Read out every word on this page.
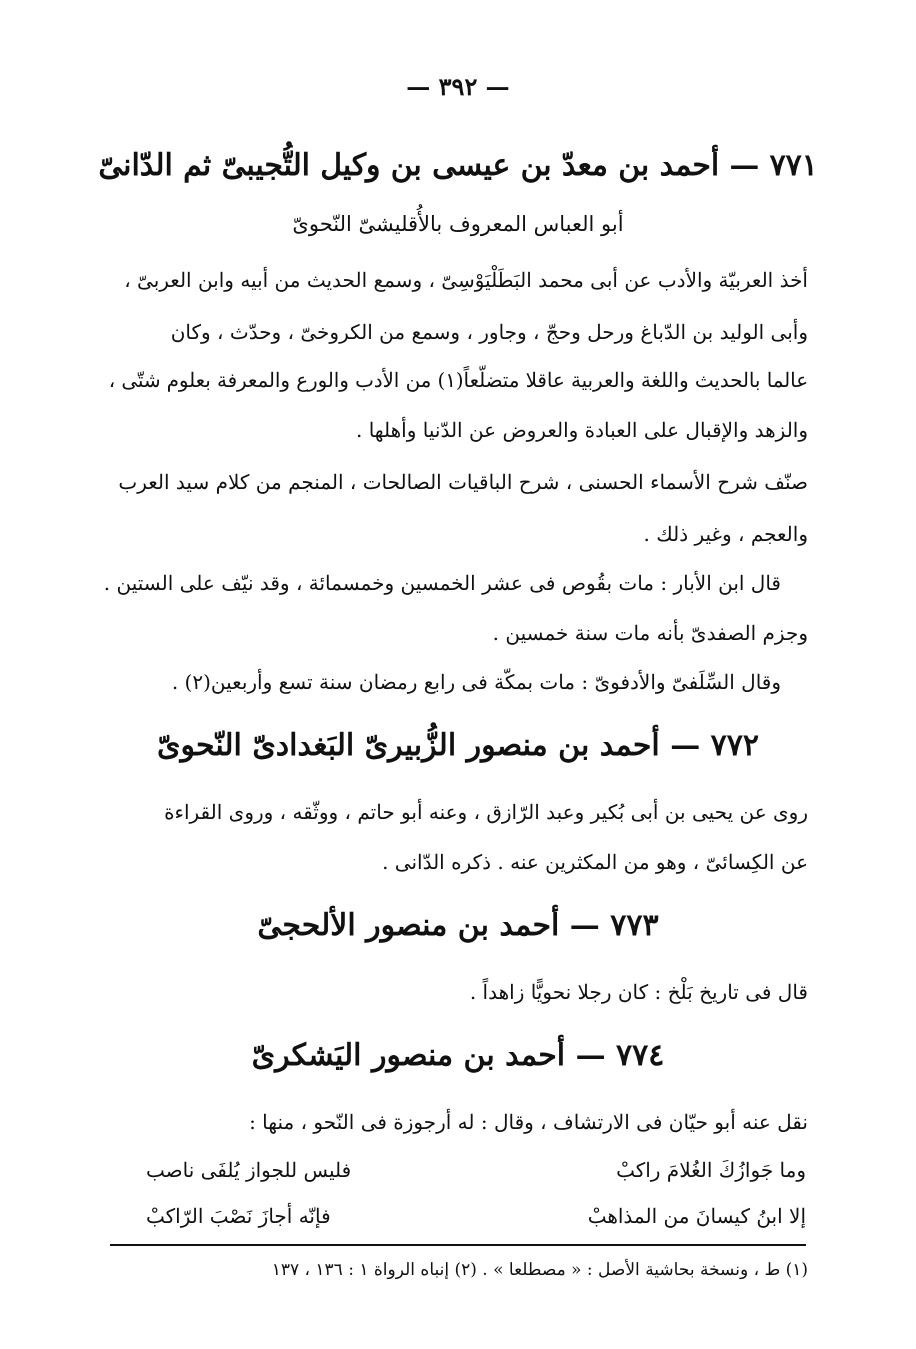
— ٣٩٢ —
٧٧١ — أحمد بن معدّ بن عيسى بن وكيل التُّجيبىّ ثم الدّانىّ
أبو العباس المعروف بالأُقليشىّ النّحوىّ
أخذ العربيّة والأدب عن أبى محمد البَطَلْيَوْسِىّ ، وسمع الحديث من أبيه وابن العربىّ ،
وأبى الوليد بن الدّباغ ورحل وحجّ ، وجاور ، وسمع من الكروخىّ ، وحدّث ، وكان
عالما بالحديث واللغة والعربية عاقلا متضلّعاً(١) من الأدب والورع والمعرفة بعلوم شتّى ،
والزهد والإقبال على العبادة والعروض عن الدّنيا وأهلها .
صنّف شرح الأسماء الحسنى ، شرح الباقيات الصالحات ، المنجم من كلام سيد العرب
والعجم ، وغير ذلك .
قال ابن الأبار : مات بقُوص فى عشر الخمسين وخمسمائة ، وقد نيّف على الستين .
وجزم الصفدىّ بأنه مات سنة خمسين .
وقال السِّلَفىّ والأدفوىّ : مات بمكّة فى رابع رمضان سنة تسع وأربعين(٢) .
٧٧٢ — أحمد بن منصور الزُّبيرىّ البَغدادىّ النّحوىّ
روى عن يحيى بن أبى بُكير وعبد الرّازق ، وعنه أبو حاتم ، ووثّقه ، وروى القراءة
عن الكِسائىّ ، وهو من المكثرين عنه . ذكره الدّانى .
٧٧٣ — أحمد بن منصور الألحجىّ
قال فى تاريخ بَلْخ : كان رجلا نحويًّا زاهداً .
٧٧٤ — أحمد بن منصور اليَشكرىّ
نقل عنه أبو حيّان فى الارتشاف ، وقال : له أرجوزة فى النّحو ، منها :
وما جَوازُكَ الغُلامَ راكبْ
فليس للجواز يُلفَى ناصب
إلا ابنُ كيسانَ من المذاهبْ
فإنّه أجازَ نَصْبَ الرّاكبْ
(١) ط ، ونسخة بحاشية الأصل : « مصطلعا » . (٢) إنباه الرواة ١ : ١٣٦ ، ١٣٧
